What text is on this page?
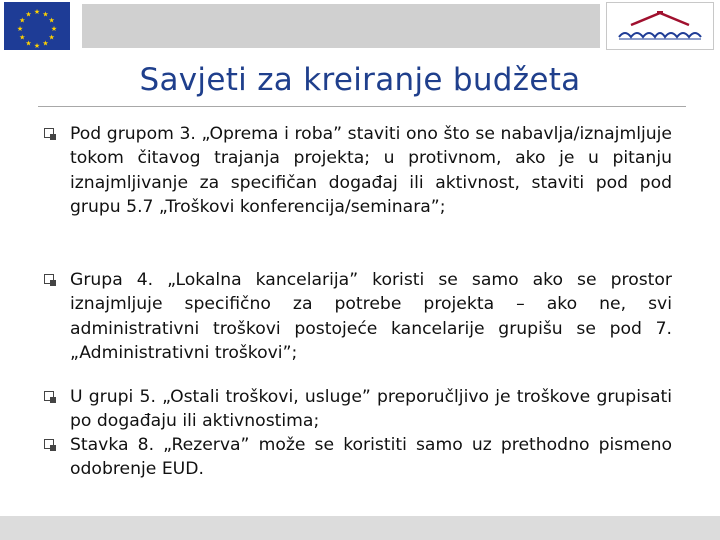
★ ★
★
★
★
★
★
★
★
★
★
★
Savjeti za kreiranje budžeta
Pod grupom 3. „Oprema i roba” staviti ono što se nabavlja/iznajmljuje tokom čitavog trajanja projekta; u protivnom, ako je u pitanju iznajmljivanje za specifičan događaj ili aktivnost, staviti pod pod grupu 5.7 „Troškovi konferencija/seminara”;
Grupa 4. „Lokalna kancelarija” koristi se samo ako se prostor iznajmljuje specifično za potrebe projekta – ako ne, svi administrativni troškovi postojeće kancelarije grupišu se pod 7. „Administrativni troškovi”;
U grupi 5. „Ostali troškovi, usluge” preporučljivo je troškove grupisati po događaju ili aktivnostima;
Stavka 8. „Rezerva” može se koristiti samo uz prethodno pismeno odobrenje EUD.
